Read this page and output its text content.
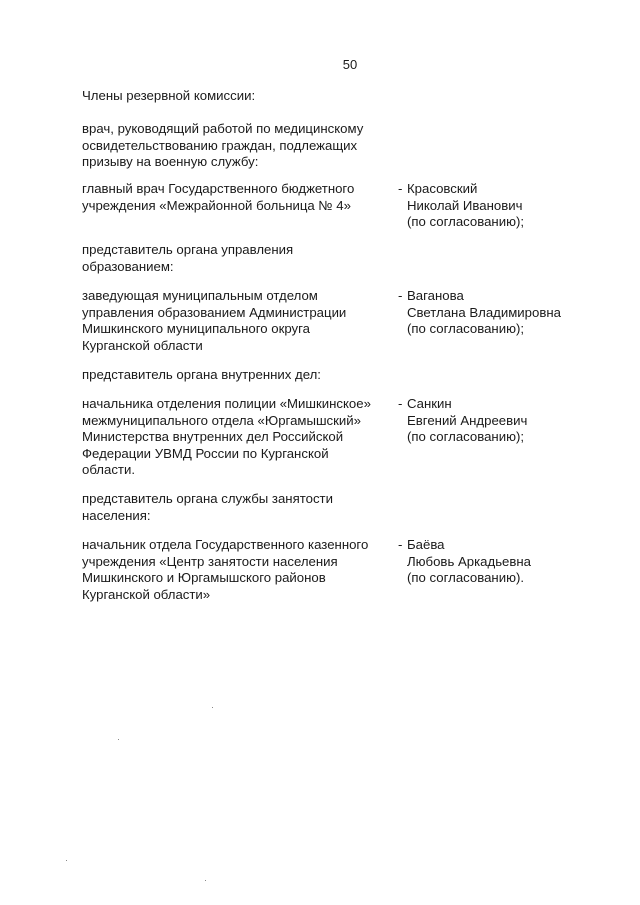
50
Члены резервной комиссии:
врач, руководящий работой по медицинскому
освидетельствованию граждан, подлежащих
призыву на военную службу:
главный врач Государственного бюджетного
учреждения «Межрайонной больница № 4»
- Красовский
Николай Иванович
(по согласованию);
представитель органа управления
образованием:
заведующая муниципальным отделом
управления образованием Администрации
Мишкинского муниципального округа
Курганской области
- Ваганова
Светлана Владимировна
(по согласованию);
представитель органа внутренних дел:
начальника отделения полиции «Мишкинское»
межмуниципального отдела «Юргамышский»
Министерства внутренних дел Российской
Федерации УВМД России по Курганской
области.
- Санкин
Евгений Андреевич
(по согласованию);
представитель органа службы занятости
населения:
начальник отдела Государственного казенного
учреждения «Центр занятости населения
Мишкинского и Юргамышского районов
Курганской области»
- Баёва
Любовь Аркадьевна
(по согласованию).
